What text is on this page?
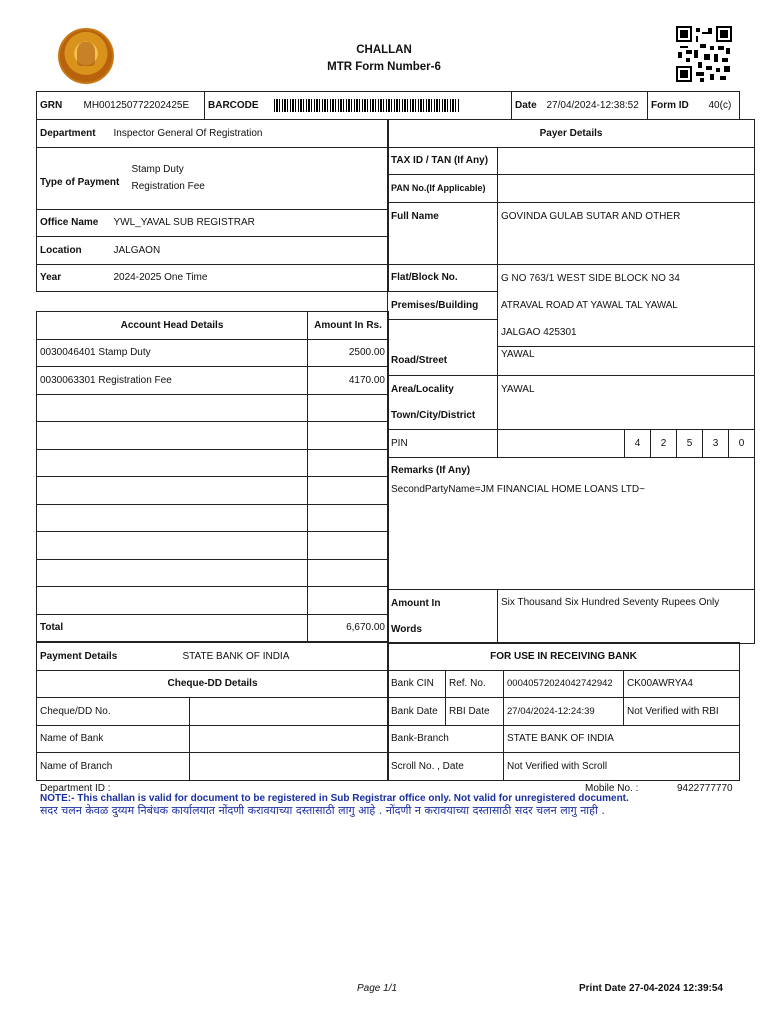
CHALLAN
MTR Form Number-6
GRN	MH001250772202425E	BARCODE		Date	27/04/2024-12:38:52	Form ID	40(c)
Department	Inspector General Of Registration
Type of Payment	Stamp Duty
Registration Fee

Office Name	YWL_YAVAL SUB REGISTRAR
Location	JALGAON
Year	2024-2025 One Time
Account Head Details	Amount In Rs.
0030046401 Stamp Duty	2500.00
0030063301 Registration Fee	4170.00

Total	6,670.00
Payer Details						
TAX ID / TAN (If Any)						
PAN No.(If Applicable)						
Full Name	GOVINDA GULAB SUTAR AND OTHER					
Flat/Block No.	G NO 763/1 WEST SIDE BLOCK NO 34					
Premises/Building	ATRAVAL ROAD AT YAWAL TAL YAWAL					
	JALGAO 425301					
Road/Street	YAWAL					
Area/Locality	YAWAL					
Town/City/District						
PIN		4	2	5	3	0
Remarks (If Any)						
SecondPartyName=JM FINANCIAL HOME LOANS LTD~						
Amount In	Six Thousand Six Hundred Seventy Rupees Only					
Words						
Payment Details	STATE BANK OF INDIA
Cheque-DD Details	
Cheque/DD No.	
Name of Bank	
Name of Branch	
FOR USE IN RECEIVING BANK			
Bank CIN	Ref. No.	00040572024042742942	CK00AWRYA4
Bank Date	RBI Date	27/04/2024-12:24:39	Not Verified with RBI
Bank-Branch		STATE BANK OF INDIA	
Scroll No. , Date		Not Verified with Scroll	
Department ID :	Mobile No. :	9422777770
NOTE:- This challan is valid for document to be registered in Sub Registrar office only. Not valid for unregistered document.
सदर चलन केवळ दुय्यम निबंधक कार्यालयात नोंदणी करावयाच्या दस्तासाठी लागु आहे . नोंदणी न करावयाच्या दस्तासाठी सदर चलन लागु नाही .
Page 1/1	Print Date 27-04-2024 12:39:54
